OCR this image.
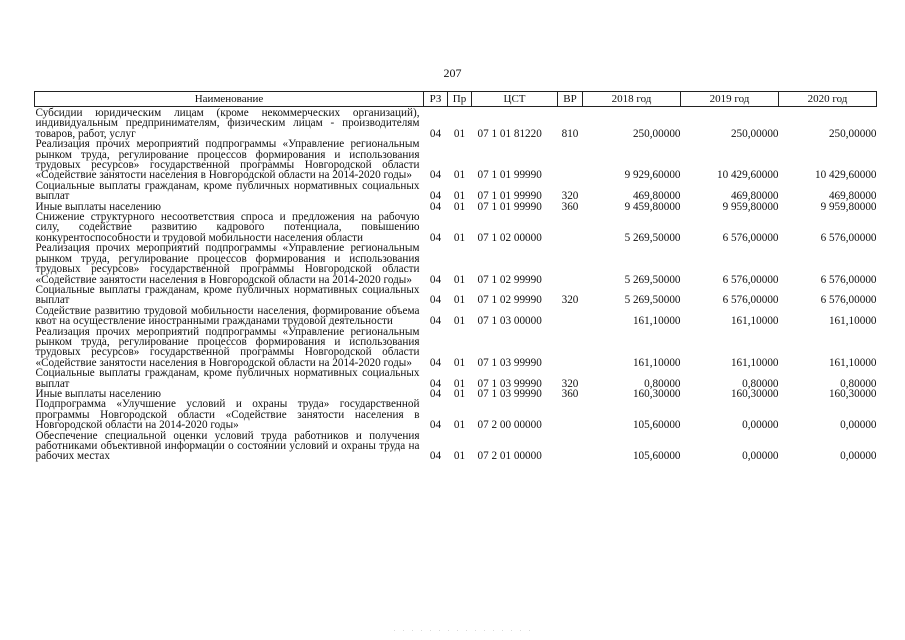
207
Наименование	РЗ	Пр	ЦСТ	ВР	2018 год	2019 год	2020 год
Субсидии юридическим лицам (кроме некоммерческих организаций), индивидуальным предпринимателям, физическим лицам - производителям товаров, работ, услуг	04	01	07 1 01 81220	810	250,00000	250,00000	250,00000
Реализация прочих мероприятий подпрограммы «Управление региональным рынком труда, регулирование процессов формирования и использования трудовых ресурсов» государственной программы Новгородской области «Содействие занятости населения в Новгородской области на 2014-2020 годы»	04	01	07 1 01 99990		9 929,60000	10 429,60000	10 429,60000
Социальные выплаты гражданам, кроме публичных нормативных социальных выплат	04	01	07 1 01 99990	320	469,80000	469,80000	469,80000
Иные выплаты населению	04	01	07 1 01 99990	360	9 459,80000	9 959,80000	9 959,80000
Снижение структурного несоответствия спроса и предложения на рабочую силу, содействие развитию кадрового потенциала, повышению конкурентоспособности и трудовой мобильности населения области	04	01	07 1 02 00000		5 269,50000	6 576,00000	6 576,00000
Реализация прочих мероприятий подпрограммы «Управление региональным рынком труда, регулирование процессов формирования и использования трудовых ресурсов» государственной программы Новгородской области «Содействие занятости населения в Новгородской области на 2014-2020 годы»	04	01	07 1 02 99990		5 269,50000	6 576,00000	6 576,00000
Социальные выплаты гражданам, кроме публичных нормативных социальных выплат	04	01	07 1 02 99990	320	5 269,50000	6 576,00000	6 576,00000
Содействие развитию трудовой мобильности населения, формирование объема квот на осуществление иностранными гражданами трудовой деятельности	04	01	07 1 03 00000		161,10000	161,10000	161,10000
Реализация прочих мероприятий подпрограммы «Управление региональным рынком труда, регулирование процессов формирования и использования трудовых ресурсов» государственной программы Новгородской области «Содействие занятости населения в Новгородской области на 2014-2020 годы»	04	01	07 1 03 99990		161,10000	161,10000	161,10000
Социальные выплаты гражданам, кроме публичных нормативных социальных выплат	04	01	07 1 03 99990	320	0,80000	0,80000	0,80000
Иные выплаты населению	04	01	07 1 03 99990	360	160,30000	160,30000	160,30000
Подпрограмма «Улучшение условий и охраны труда» государственной программы Новгородской области «Содействие занятости населения в Новгородской области на 2014-2020 годы»	04	01	07 2 00 00000		105,60000	0,00000	0,00000
Обеспечение специальной оценки условий труда работников и получения работниками объективной информации о состоянии условий и охраны труда на рабочих местах	04	01	07 2 01 00000		105,60000	0,00000	0,00000
